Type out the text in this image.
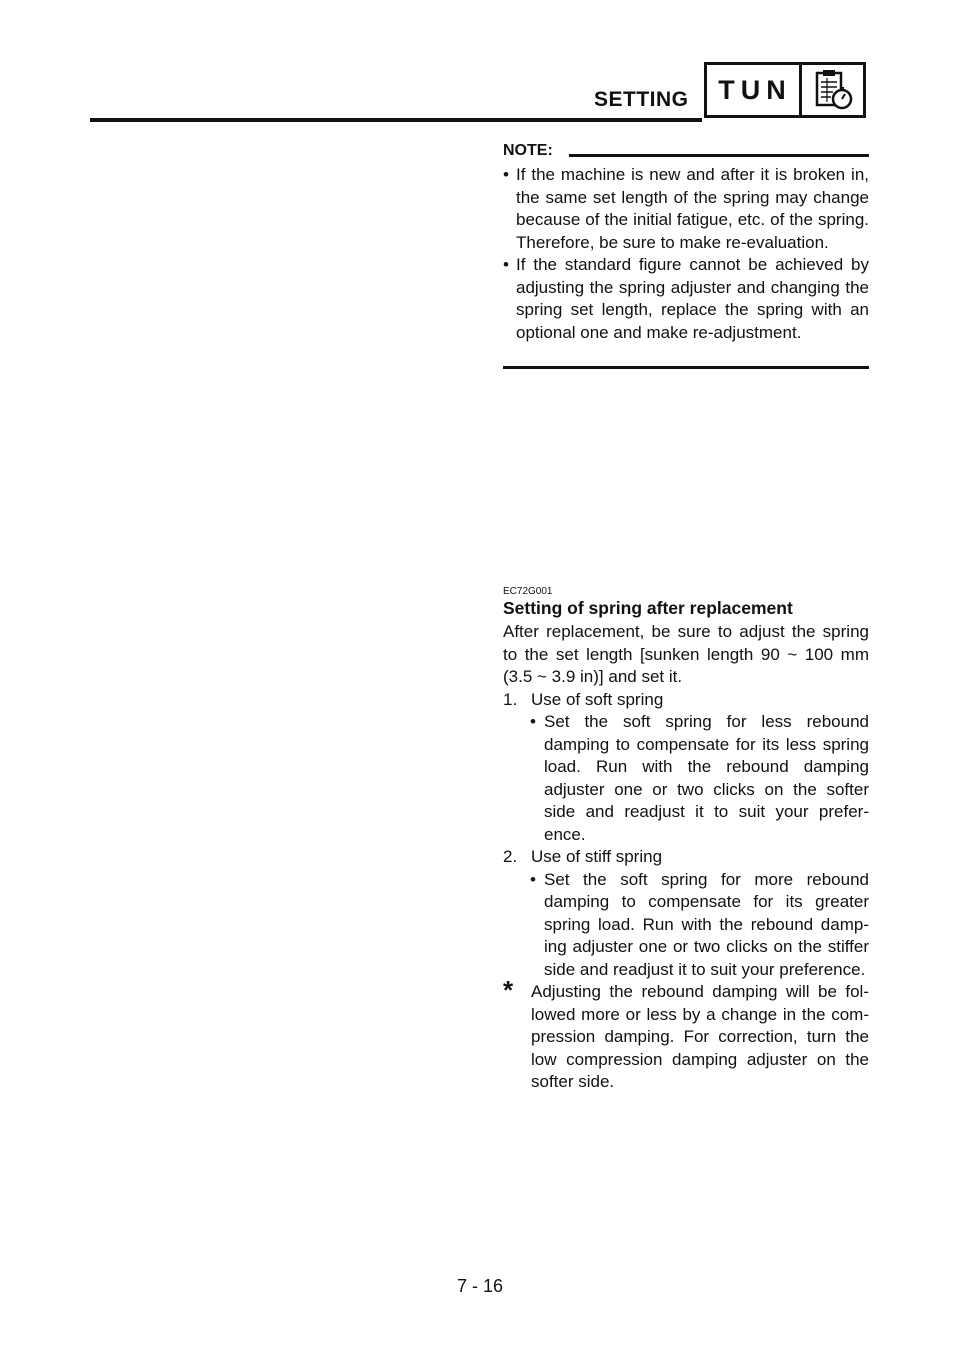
SETTING	TUN
NOTE:
• If the machine is new and after it is broken in, the same set length of the spring may change because of the initial fatigue, etc. of the spring. Therefore, be sure to make re-evaluation.
• If the standard figure cannot be achieved by adjusting the spring adjuster and changing the spring set length, replace the spring with an optional one and make re-adjustment.
EC72G001
Setting of spring after replacement
After replacement, be sure to adjust the spring to the set length [sunken length 90 ~ 100 mm (3.5 ~ 3.9 in)] and set it.
1. Use of soft spring
• Set the soft spring for less rebound damping to compensate for its less spring load. Run with the rebound damping adjuster one or two clicks on the softer side and readjust it to suit your prefer-ence.
2. Use of stiff spring
• Set the soft spring for more rebound damping to compensate for its greater spring load. Run with the rebound damp-ing adjuster one or two clicks on the stiffer side and readjust it to suit your preference.
* Adjusting the rebound damping will be fol-lowed more or less by a change in the com-pression damping. For correction, turn the low compression damping adjuster on the softer side.
7 - 16
